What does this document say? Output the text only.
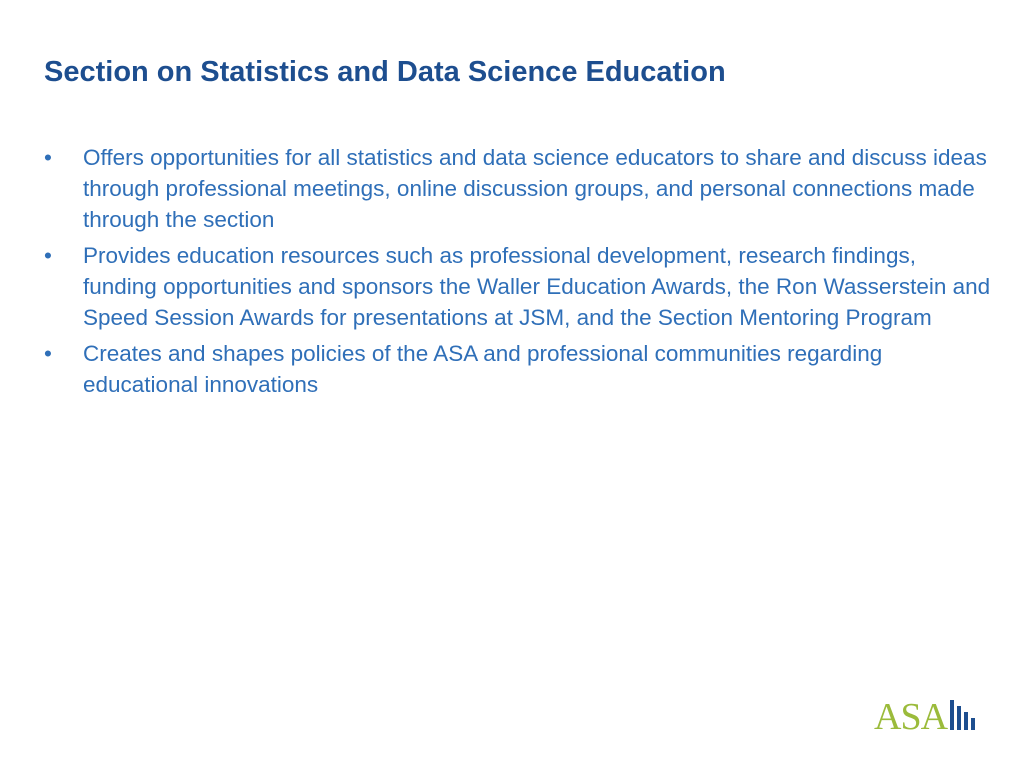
Section on Statistics and Data Science Education
•	Offers opportunities for all statistics and data science educators to share and discuss ideas through professional meetings, online discussion groups, and personal connections made through the section
•	Provides education resources such as professional development, research findings, funding opportunities and sponsors the Waller Education Awards, the Ron Wasserstein and Speed Session Awards for presentations at JSM, and the Section Mentoring Program
•	Creates and shapes policies of the ASA and professional communities regarding educational innovations
ASA
